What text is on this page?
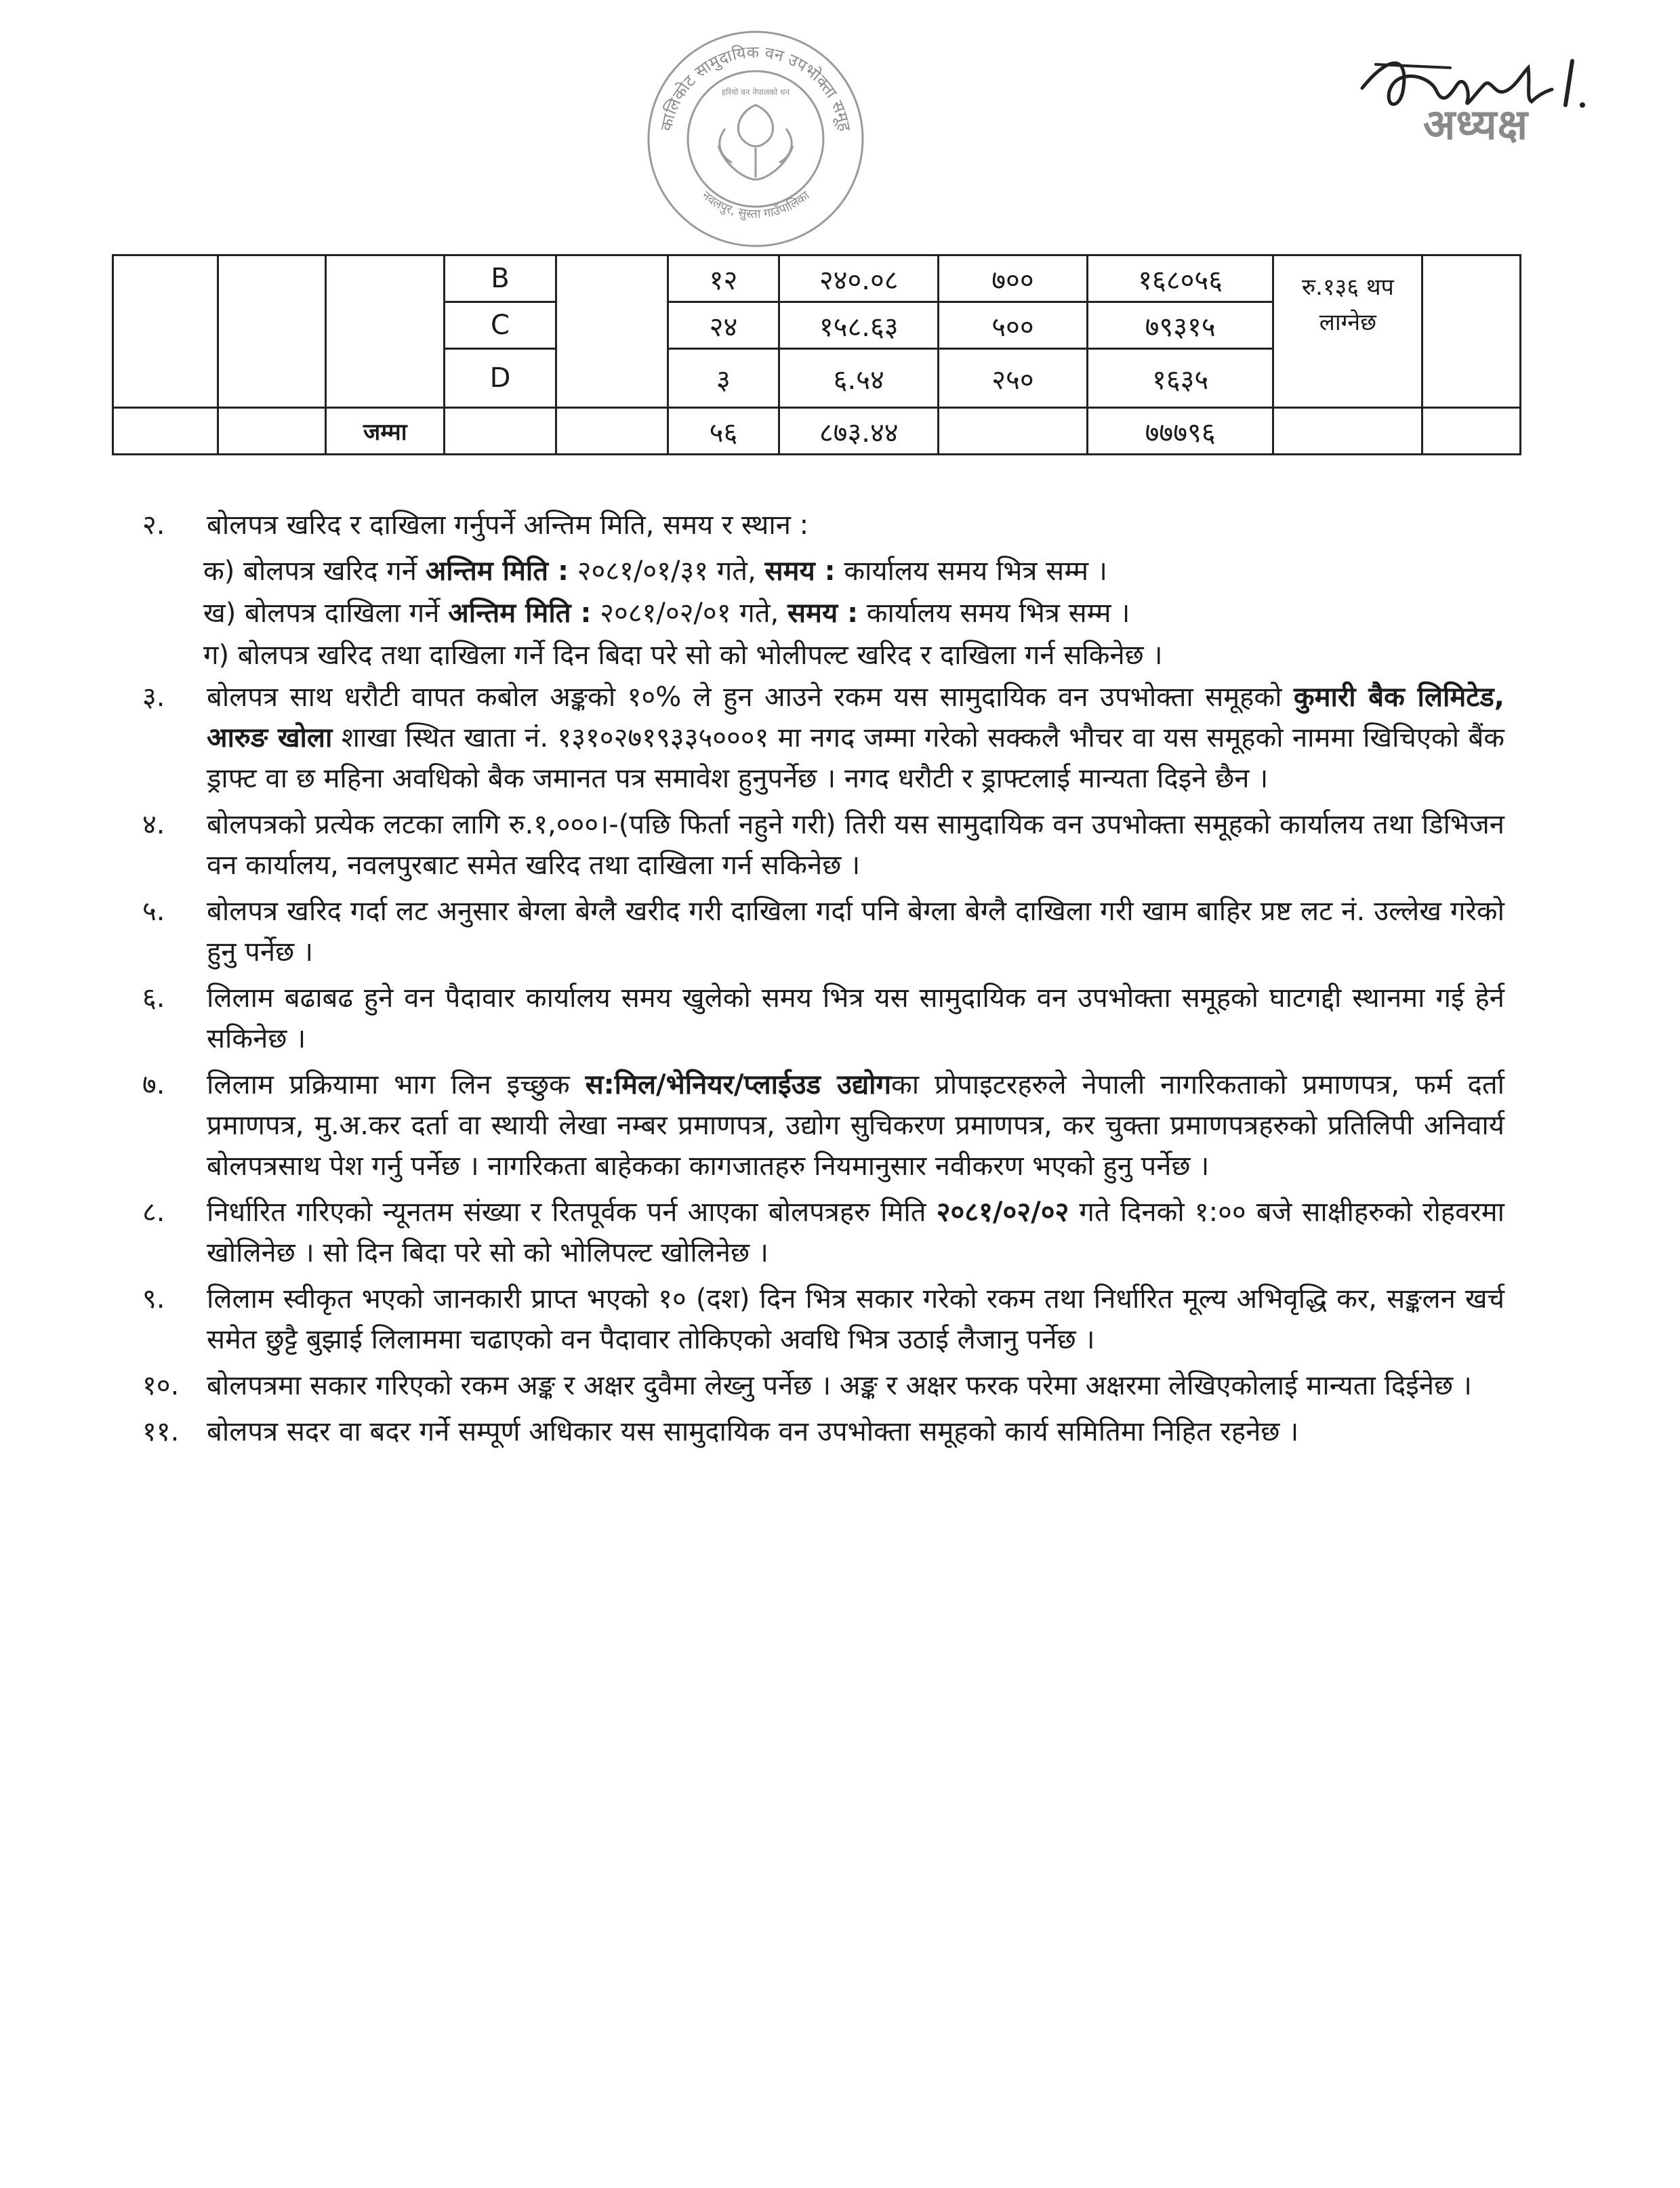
कालिकोट सामुदायिक वन उपभोक्ता समूह
नवलपुर, सुस्ता गाउँपालिका
हरियो वन नेपालको धन
अध्यक्ष
			B		१२	२४०.०८	७००	१६८०५६	रु.१३६ थप लाग्नेछ	
			C		२४	१५८.६३	५००	७९३१५		
			D		३	६.५४	२५०	१६३५		
		जम्मा			५६	८७३.४४		७७७९६		
२. बोलपत्र खरिद र दाखिला गर्नुपर्ने अन्तिम मिति, समय र स्थान :
क) बोलपत्र खरिद गर्ने अन्तिम मिति : २०८१/०१/३१ गते, समय : कार्यालय समय भित्र सम्म ।
ख) बोलपत्र दाखिला गर्ने अन्तिम मिति : २०८१/०२/०१ गते, समय : कार्यालय समय भित्र सम्म ।
ग) बोलपत्र खरिद तथा दाखिला गर्ने दिन बिदा परे सो को भोलीपल्ट खरिद र दाखिला गर्न सकिनेछ ।
३. बोलपत्र साथ धरौटी वापत कबोल अङ्कको १०% ले हुन आउने रकम यस सामुदायिक वन उपभोक्ता समूहको कुमारी बैक लिमिटेड, आरुङ खोला शाखा स्थित खाता नं. १३१०२७१९३३५०००१ मा नगद जम्मा गरेको सक्कलै भौचर वा यस समूहको नाममा खिचिएको बैंक ड्राफ्ट वा छ महिना अवधिको बैक जमानत पत्र समावेश हुनुपर्नेछ । नगद धरौटी र ड्राफ्टलाई मान्यता दिइने छैन ।
४. बोलपत्रको प्रत्येक लटका लागि रु.१,०००।-(पछि फिर्ता नहुने गरी) तिरी यस सामुदायिक वन उपभोक्ता समूहको कार्यालय तथा डिभिजन वन कार्यालय, नवलपुरबाट समेत खरिद तथा दाखिला गर्न सकिनेछ ।
५. बोलपत्र खरिद गर्दा लट अनुसार बेग्ला बेग्लै खरीद गरी दाखिला गर्दा पनि बेग्ला बेग्लै दाखिला गरी खाम बाहिर प्रष्ट लट नं. उल्लेख गरेको हुनु पर्नेछ ।
६. लिलाम बढाबढ हुने वन पैदावार कार्यालय समय खुलेको समय भित्र यस सामुदायिक वन उपभोक्ता समूहको घाटगद्दी स्थानमा गई हेर्न सकिनेछ ।
७. लिलाम प्रक्रियामा भाग लिन इच्छुक स:मिल/भेनियर/प्लाईउड उद्योगका प्रोपाइटरहरुले नेपाली नागरिकताको प्रमाणपत्र, फर्म दर्ता प्रमाणपत्र, मु.अ.कर दर्ता वा स्थायी लेखा नम्बर प्रमाणपत्र, उद्योग सुचिकरण प्रमाणपत्र, कर चुक्ता प्रमाणपत्रहरुको प्रतिलिपी अनिवार्य बोलपत्रसाथ पेश गर्नु पर्नेछ । नागरिकता बाहेकका कागजातहरु नियमानुसार नवीकरण भएको हुनु पर्नेछ ।
८. निर्धारित गरिएको न्यूनतम संख्या र रितपूर्वक पर्न आएका बोलपत्रहरु मिति २०८१/०२/०२ गते दिनको १:०० बजे साक्षीहरुको रोहवरमा खोलिनेछ । सो दिन बिदा परे सो को भोलिपल्ट खोलिनेछ ।
९. लिलाम स्वीकृत भएको जानकारी प्राप्त भएको १० (दश) दिन भित्र सकार गरेको रकम तथा निर्धारित मूल्य अभिवृद्धि कर, सङ्कलन खर्च समेत छुट्टै बुझाई लिलाममा चढाएको वन पैदावार तोकिएको अवधि भित्र उठाई लैजानु पर्नेछ ।
१०. बोलपत्रमा सकार गरिएको रकम अङ्क र अक्षर दुवैमा लेख्नु पर्नेछ । अङ्क र अक्षर फरक परेमा अक्षरमा लेखिएकोलाई मान्यता दिईनेछ ।
११. बोलपत्र सदर वा बदर गर्ने सम्पूर्ण अधिकार यस सामुदायिक वन उपभोक्ता समूहको कार्य समितिमा निहित रहनेछ ।
